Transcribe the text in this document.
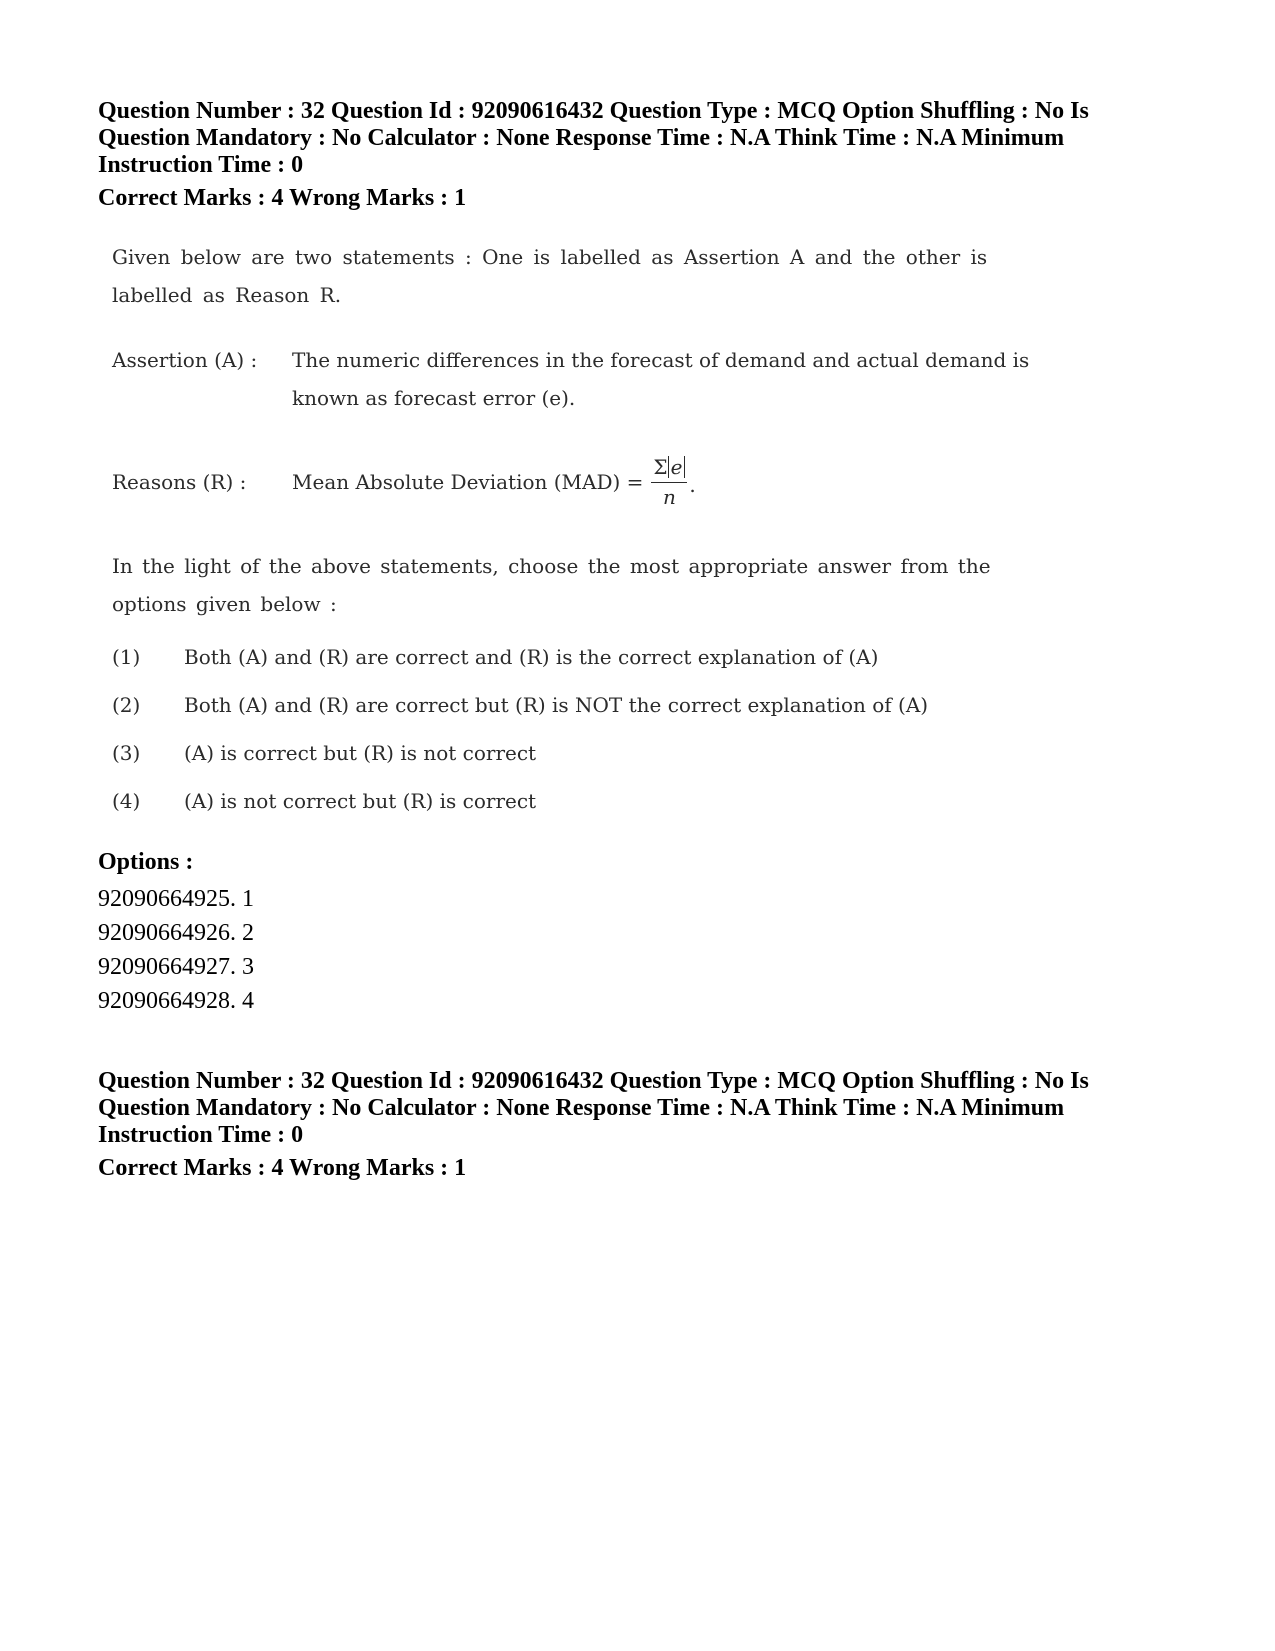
Question Number : 32 Question Id : 92090616432 Question Type : MCQ Option Shuffling : No Is
Question Mandatory : No Calculator : None Response Time : N.A Think Time : N.A Minimum
Instruction Time : 0
Correct Marks : 4 Wrong Marks : 1
Given below are two statements : One is labelled as Assertion A and the other is labelled as Reason R.
Assertion (A) :	The numeric differences in the forecast of demand and actual demand is known as forecast error (e).
Reasons (R) :	Mean Absolute Deviation $(MAD) = \frac{\text{Σ e}}{n}$ .
In the light of the above statements, choose the most appropriate answer from the options given below :
(1)	Both (A) and (R) are correct and (R) is the correct explanation of (A)
(2)	Both (A) and (R) are correct but (R) is NOT the correct explanation of (A)
(3)	(A) is correct but (R) is not correct
(4)	(A) is not correct but (R) is correct
Options :
92090664925. 1
92090664926. 2
92090664927. 3
92090664928. 4
Question Number : 32 Question Id : 92090616432 Question Type : MCQ Option Shuffling : No Is
Question Mandatory : No Calculator : None Response Time : N.A Think Time : N.A Minimum
Instruction Time : 0
Correct Marks : 4 Wrong Marks : 1
